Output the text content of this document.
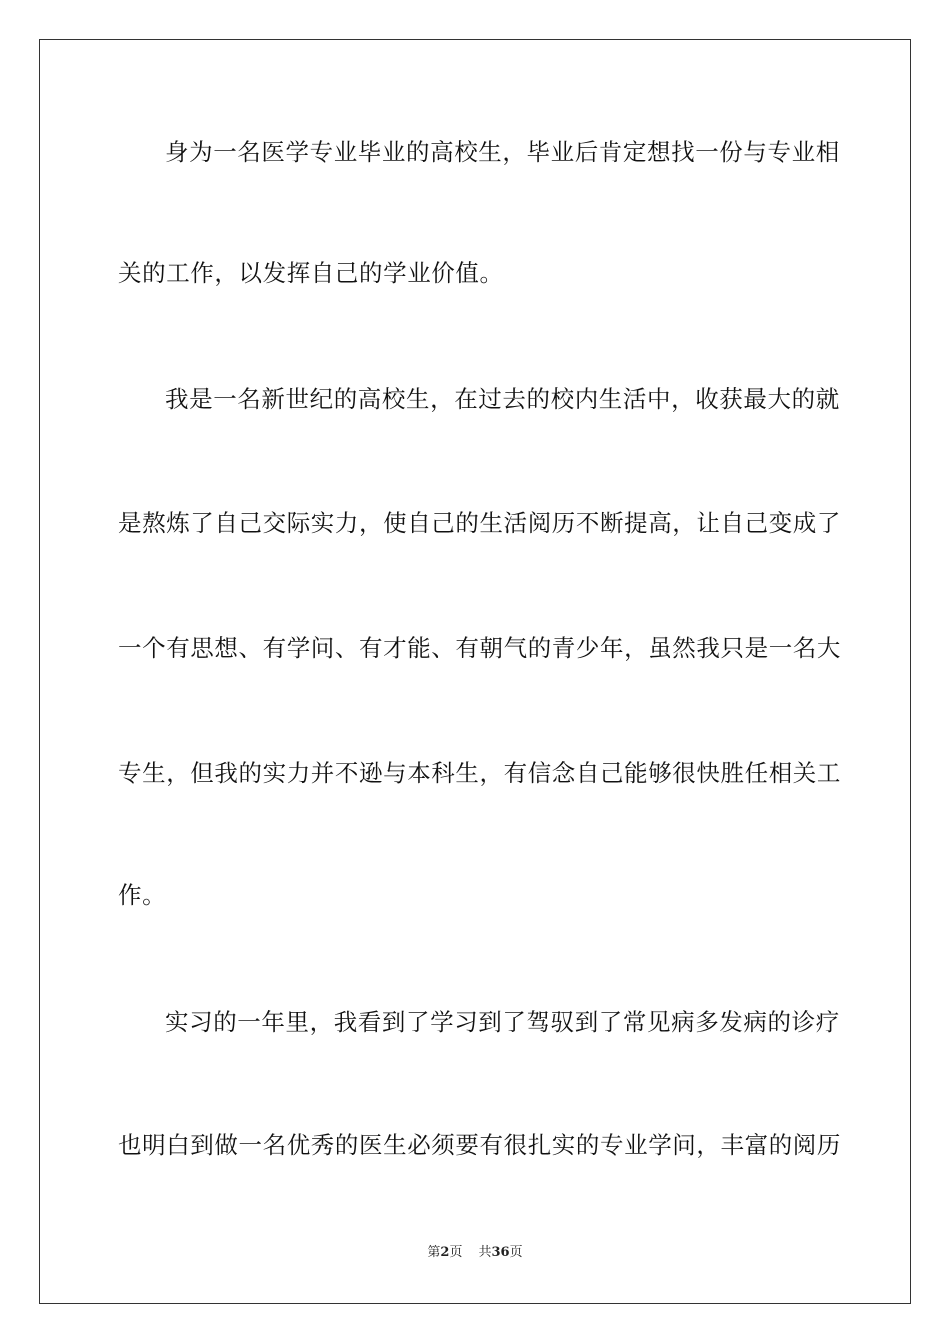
身为一名医学专业毕业的高校生，毕业后肯定想找一份与专业相
关的工作，以发挥自己的学业价值。
我是一名新世纪的高校生，在过去的校内生活中，收获最大的就
是熬炼了自己交际实力，使自己的生活阅历不断提高，让自己变成了
一个有思想、有学问、有才能、有朝气的青少年，虽然我只是一名大
专生，但我的实力并不逊与本科生，有信念自己能够很快胜任相关工
作。
实习的一年里，我看到了学习到了驾驭到了常见病多发病的诊疗
也明白到做一名优秀的医生必须要有很扎实的专业学问，丰富的阅历
第2页 共36页
